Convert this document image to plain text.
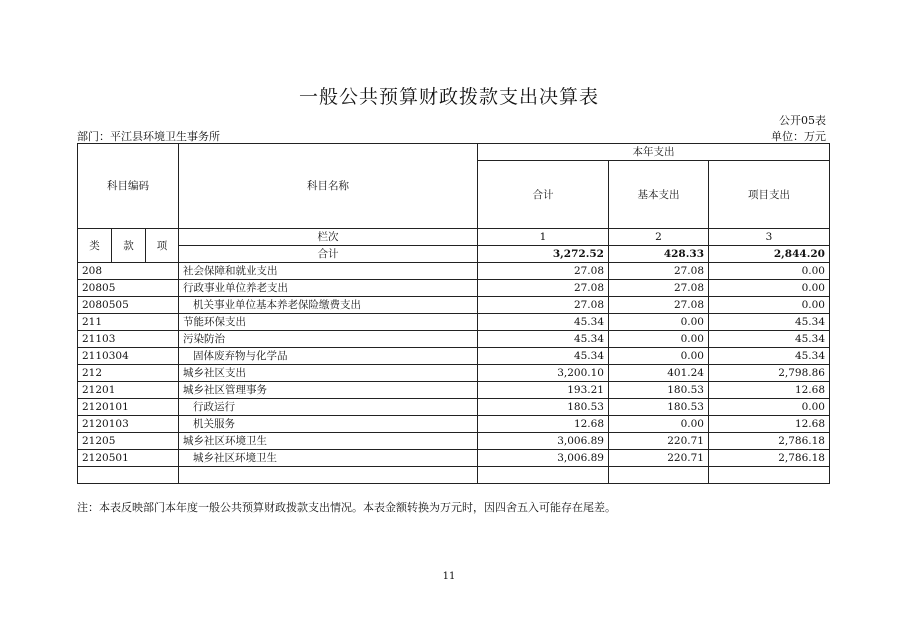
一般公共预算财政拨款支出决算表
公开05表
部门：平江县环境卫生事务所	单位：万元
科目编码			科目名称	本年支出		
				合计	基本支出	项目支出
类	款	项	栏次	1	2	3
			合计	3,272.52	428.33	2,844.20
208			社会保障和就业支出	27.08	27.08	0.00
20805			行政事业单位养老支出	27.08	27.08	0.00
2080505			机关事业单位基本养老保险缴费支出	27.08	27.08	0.00
211			节能环保支出	45.34	0.00	45.34
21103			污染防治	45.34	0.00	45.34
2110304			固体废弃物与化学品	45.34	0.00	45.34
212			城乡社区支出	3,200.10	401.24	2,798.86
21201			城乡社区管理事务	193.21	180.53	12.68
2120101			行政运行	180.53	180.53	0.00
2120103			机关服务	12.68	0.00	12.68
21205			城乡社区环境卫生	3,006.89	220.71	2,786.18
2120501			城乡社区环境卫生	3,006.89	220.71	2,786.18

注：本表反映部门本年度一般公共预算财政拨款支出情况。本表金额转换为万元时，因四舍五入可能存在尾差。
11
